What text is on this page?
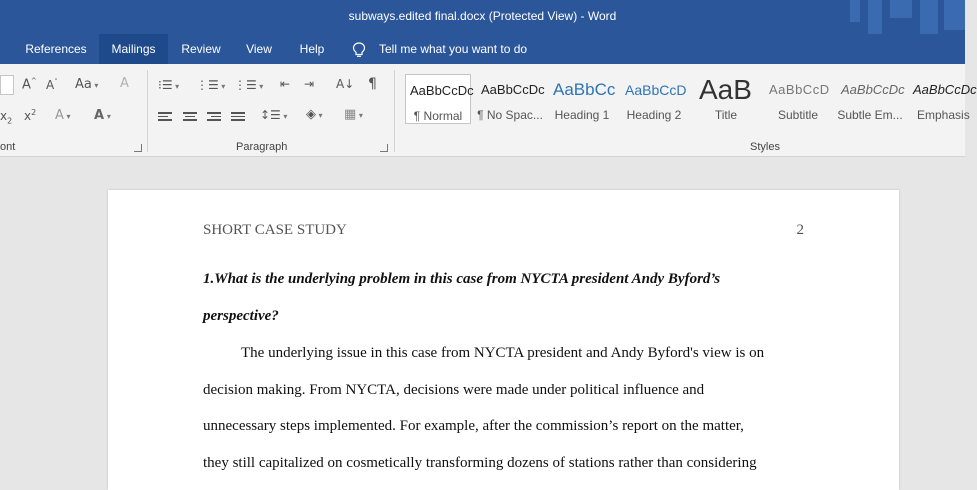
subways.edited final.docx (Protected View) - Word
References	Mailings	Review	View	Help	Tell me what you want to do
A^ A˅ Aa ▾ A
$x_2$ $x^2$ A ▾ A ▾
ont
⁝☰ ▾ ⋮☰ ▾ ⋮☰ ▾ ⇤ ⇥ A↓ ¶
↕☰ ▾ ◈ ▾ ▦ ▾
Paragraph
AaBbCcDc
¶ Normal
AaBbCcDc
¶ No Spac...
AaBbCc
Heading 1
AaBbCcD
Heading 2
AaB
Title
AaBbCcD
Subtitle
AaBbCcDc
Subtle Em...
AaBbCcDc
Emphasis
Styles
SHORT CASE STUDY	2
1.What is the underlying problem in this case from NYCTA president Andy Byford’s
perspective?
The underlying issue in this case from NYCTA president and Andy Byford's view is on
decision making. From NYCTA, decisions were made under political influence and
unnecessary steps implemented. For example, after the commission’s report on the matter,
they still capitalized on cosmetically transforming dozens of stations rather than considering
